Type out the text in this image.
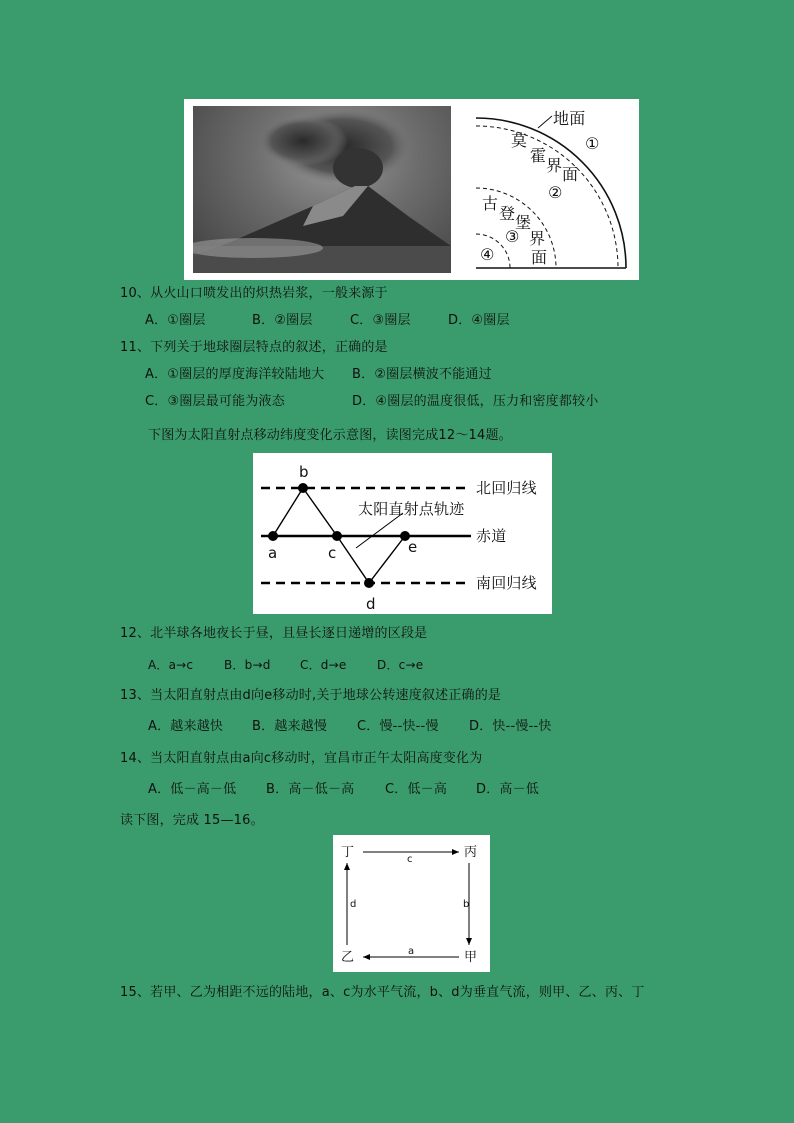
地面
莫
霍
界 面
①
②
古
登 堡
界
面
③
④
10、从火山口喷发出的炽热岩浆，一般来源于
A．①圈层	B．②圈层	C．③圈层	D．④圈层
11、下列关于地球圈层特点的叙述，正确的是
A．①圈层的厚度海洋较陆地大 B．②圈层横波不能通过
C．③圈层最可能为液态	D．④圈层的温度很低，压力和密度都较小
下图为太阳直射点移动纬度变化示意图，读图完成12～14题。
北回归线
赤道
南回归线
太阳直射点轨迹
a
b
c
d
e
12、北半球各地夜长于昼，且昼长逐日递增的区段是
A．a→c	B．b→d C．d→e	D．c→e
13、当太阳直射点由d向e移动时,关于地球公转速度叙述正确的是
A．越来越快 B．越来越慢 C．慢--快--慢 D．快--慢--快
14、当太阳直射点由a向c移动时，宜昌市正午太阳高度变化为
A．低－高－低 B．高－低－高 C．低－高 D．高－低
读下图，完成 15—16。
丁	丙
乙	甲
c
b
a
d
15、若甲、乙为相距不远的陆地，a、c为水平气流，b、d为垂直气流，则甲、乙、丙、丁
